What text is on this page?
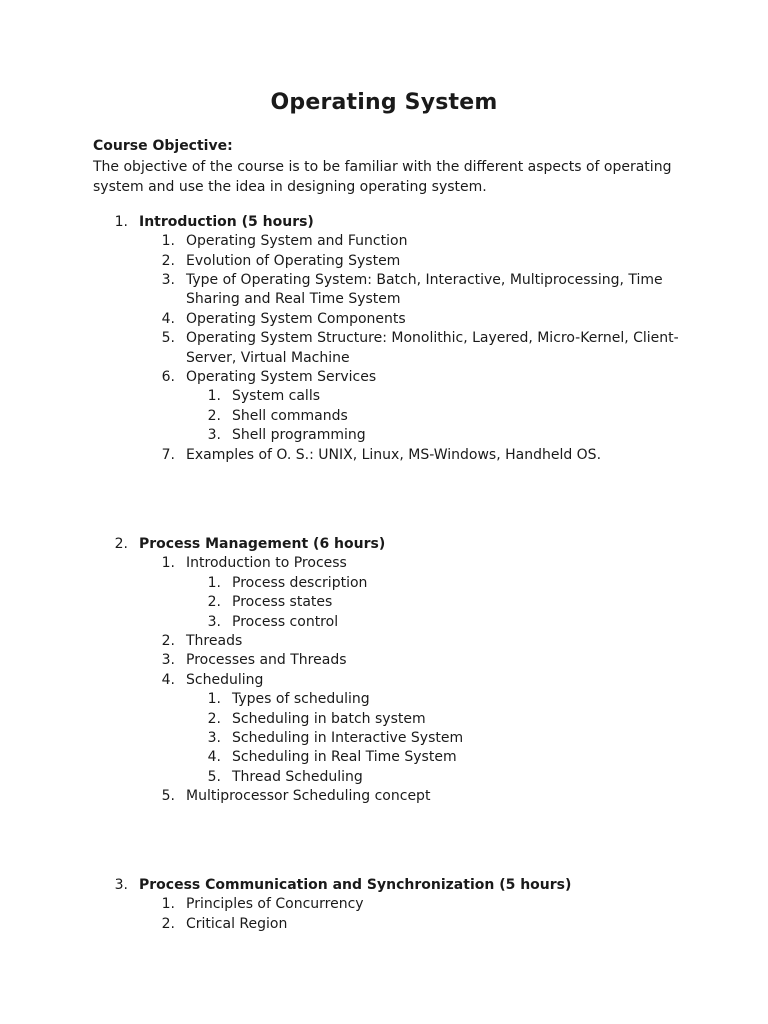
Operating System
Course Objective:
The objective of the course is to be familiar with the different aspects of operating system and use the idea in designing operating system.
1. Introduction (5 hours)
1. Operating System and Function
2. Evolution of Operating System
3. Type of Operating System: Batch, Interactive, Multiprocessing, Time
Sharing and Real Time System
4. Operating System Components
5. Operating System Structure: Monolithic, Layered, Micro-Kernel, Client-
Server, Virtual Machine
6. Operating System Services
1. System calls
2. Shell commands
3. Shell programming
7. Examples of O. S.: UNIX, Linux, MS-Windows, Handheld OS.
2. Process Management (6 hours)
1. Introduction to Process
1. Process description
2. Process states
3. Process control
2. Threads
3. Processes and Threads
4. Scheduling
1. Types of scheduling
2. Scheduling in batch system
3. Scheduling in Interactive System
4. Scheduling in Real Time System
5. Thread Scheduling
5. Multiprocessor Scheduling concept
3. Process Communication and Synchronization (5 hours)
1. Principles of Concurrency
2. Critical Region
